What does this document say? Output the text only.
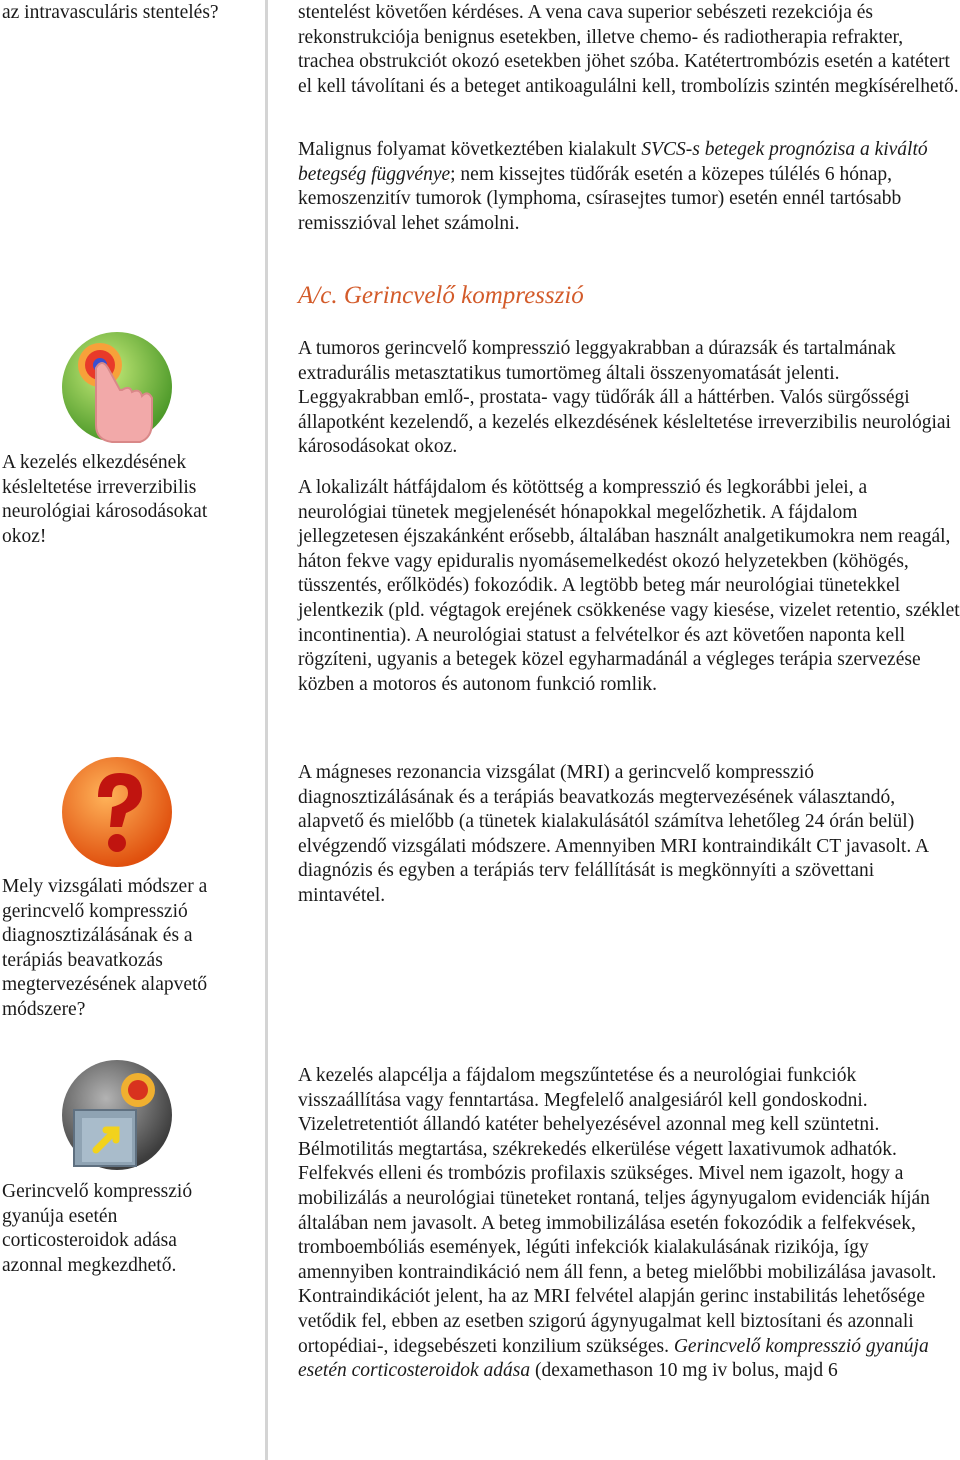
az intravasculáris stentelés?

A kezelés elkezdésének késleltetése irreverzibilis neurológiai károsodásokat okoz!

Mely vizsgálati módszer a gerincvelő kompresszió diagnosztizálásának és a terápiás beavatkozás megtervezésének alapvető módszere?

Gerincvelő kompresszió gyanúja esetén corticosteroidok adása azonnal megkezdhető.

stentelést követően kérdéses. A vena cava superior sebészeti rezekciója és rekonstrukciója benignus esetekben, illetve chemo- és radiotherapia refrakter, trachea obstrukciót okozó esetekben jöhet szóba. Katétertrombózis esetén a katétert el kell távolítani és a beteget antikoagulálni kell, trombolízis szintén megkísérelhető.

Malignus folyamat következtében kialakult SVCS-s betegek prognózisa a kiváltó betegség függvénye; nem kissejtes tüdőrák esetén a közepes túlélés 6 hónap, kemoszenzitív tumorok (lymphoma, csírasejtes tumor) esetén ennél tartósabb remisszióval lehet számolni.

A/c. Gerincvelő kompresszió

A tumoros gerincvelő kompresszió leggyakrabban a dúrazsák és tartalmának extradurális metasztatikus tumortömeg általi összenyomatását jelenti. Leggyakrabban emlő-, prostata- vagy tüdőrák áll a háttérben. Valós sürgősségi állapotként kezelendő, a kezelés elkezdésének késleltetése irreverzibilis neurológiai károsodásokat okoz.

A lokalizált hátfájdalom és kötöttség a kompresszió és legkorábbi jelei, a neurológiai tünetek megjelenését hónapokkal megelőzhetik. A fájdalom jellegzetesen éjszakánként erősebb, általában használt analgetikumokra nem reagál, háton fekve vagy epiduralis nyomásemelkedést okozó helyzetekben (köhögés, tüsszentés, erőlködés) fokozódik. A legtöbb beteg már neurológiai tünetekkel jelentkezik (pld. végtagok erejének csökkenése vagy kiesése, vizelet retentio, széklet incontinentia). A neurológiai statust a felvételkor és azt követően naponta kell rögzíteni, ugyanis a betegek közel egyharmadánál a végleges terápia szervezése közben a motoros és autonom funkció romlik.

A mágneses rezonancia vizsgálat (MRI) a gerincvelő kompresszió diagnosztizálásának és a terápiás beavatkozás megtervezésének választandó, alapvető és mielőbb (a tünetek kialakulásától számítva lehetőleg 24 órán belül) elvégzendő vizsgálati módszere. Amennyiben MRI kontraindikált CT javasolt. A diagnózis és egyben a terápiás terv felállítását is megkönnyíti a szövettani mintavétel.

A kezelés alapcélja a fájdalom megszűntetése és a neurológiai funkciók visszaállítása vagy fenntartása. Megfelelő analgesiáról kell gondoskodni. Vizeletretentiót állandó katéter behelyezésével azonnal meg kell szüntetni. Bélmotilitás megtartása, székrekedés elkerülése végett laxativumok adhatók. Felfekvés elleni és trombózis profilaxis szükséges. Mivel nem igazolt, hogy a mobilizálás a neurológiai tüneteket rontaná, teljes ágynyugalom evidenciák híján általában nem javasolt. A beteg immobilizálása esetén fokozódik a felfekvések, tromboembóliás események, légúti infekciók kialakulásának rizikója, így amennyiben kontraindikáció nem áll fenn, a beteg mielőbbi mobilizálása javasolt. Kontraindikációt jelent, ha az MRI felvétel alapján gerinc instabilitás lehetősége vetődik fel, ebben az esetben szigorú ágynyugalmat kell biztosítani és azonnali ortopédiai-, idegsebészeti konzilium szükséges. Gerincvelő kompresszió gyanúja esetén corticosteroidok adása (dexamethason 10 mg iv bolus, majd 6
